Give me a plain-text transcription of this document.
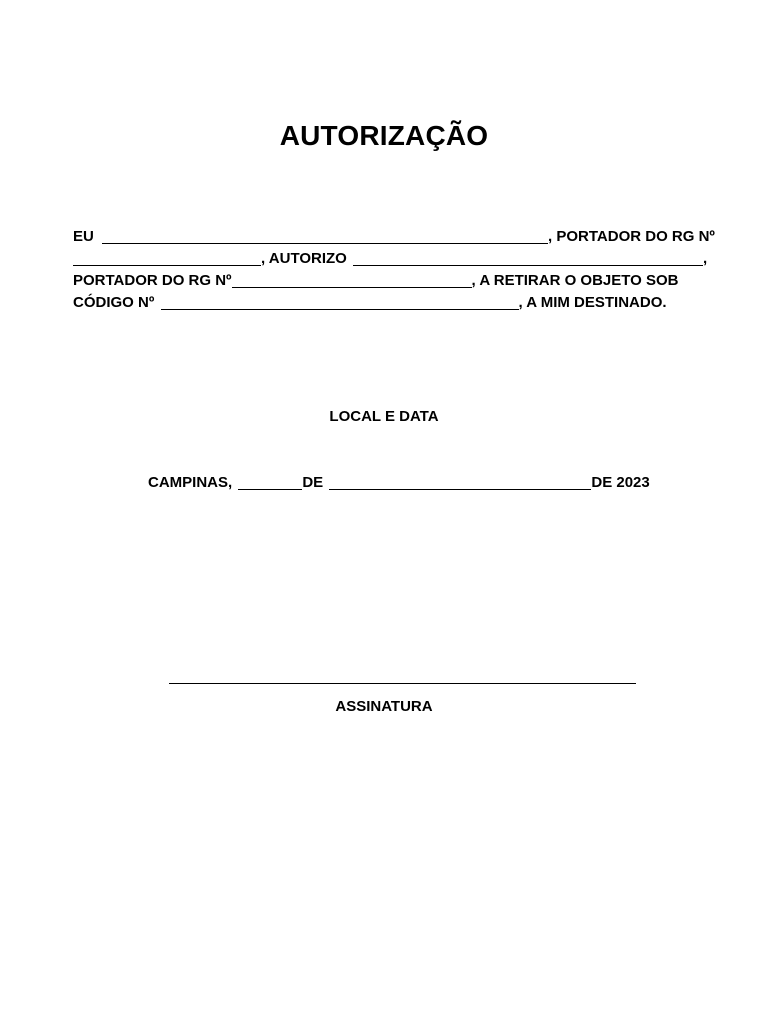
AUTORIZAÇÃO
EU	, PORTADOR DO RG Nº
, AUTORIZO	,
PORTADOR DO RG Nº	, A RETIRAR O OBJETO SOB
CÓDIGO Nº	, A MIM DESTINADO.
LOCAL E DATA
CAMPINAS,	DE	DE 2023
ASSINATURA
